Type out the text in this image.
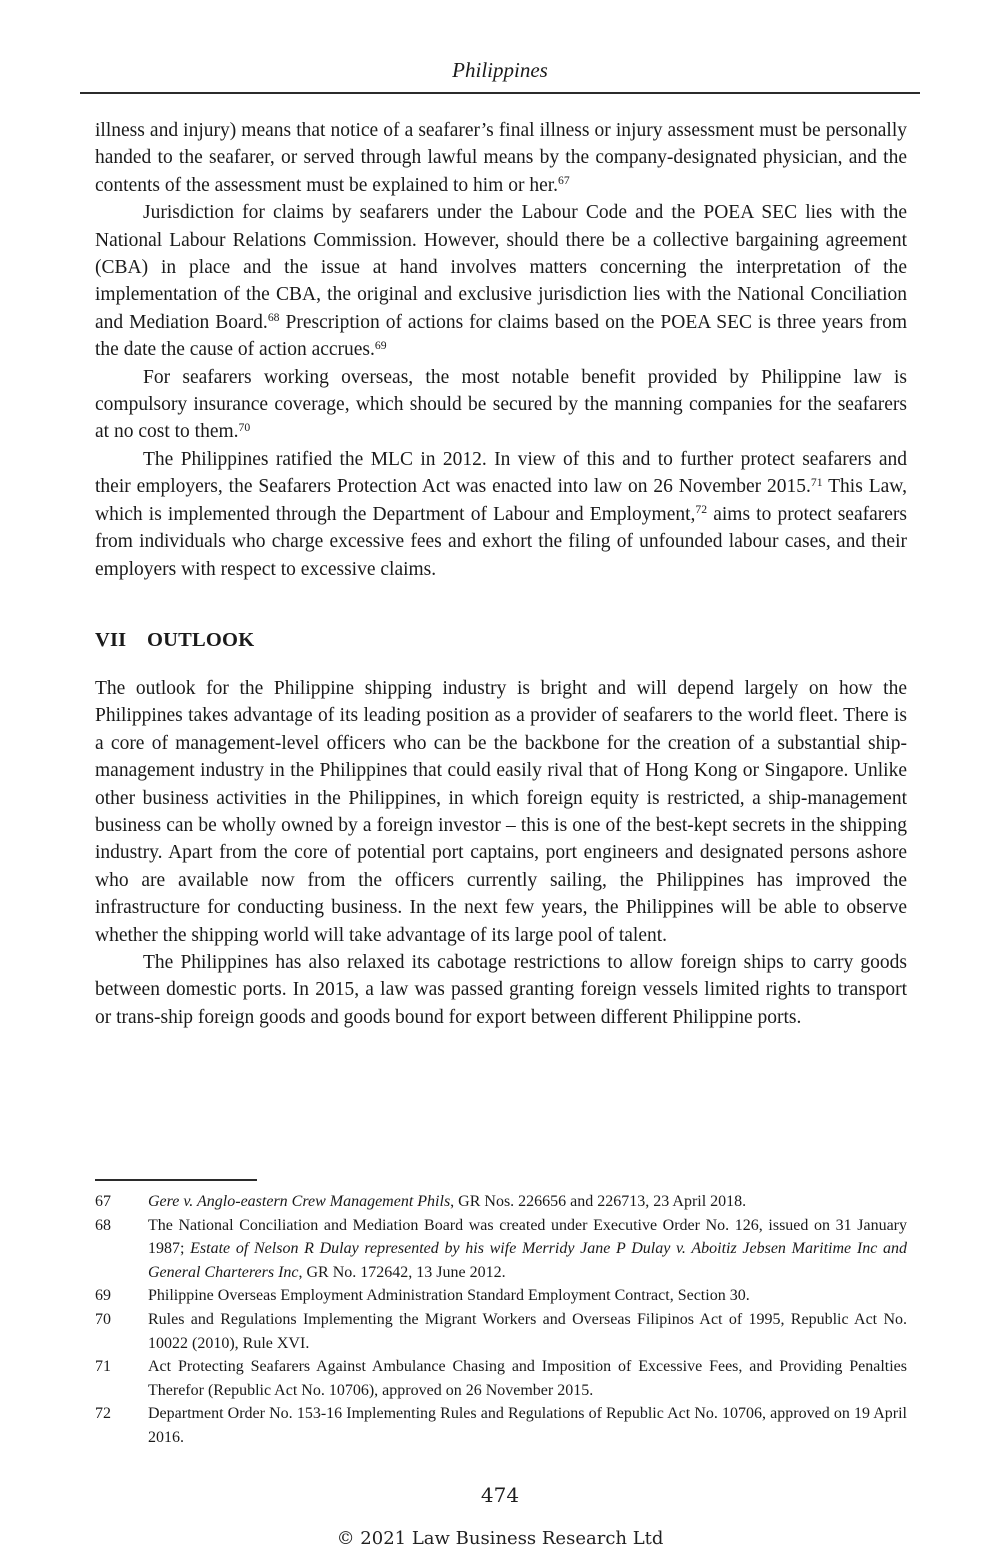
Philippines

illness and injury) means that notice of a seafarer’s final illness or injury assessment must be personally handed to the seafarer, or served through lawful means by the company-designated physician, and the contents of the assessment must be explained to him or her.$^{67}$

Jurisdiction for claims by seafarers under the Labour Code and the POEA SEC lies with the National Labour Relations Commission. However, should there be a collective bargaining agreement (CBA) in place and the issue at hand involves matters concerning the interpretation of the implementation of the CBA, the original and exclusive jurisdiction lies with the National Conciliation and Mediation Board.$^{68}$ Prescription of actions for claims based on the POEA SEC is three years from the date the cause of action accrues.$^{69}$

For seafarers working overseas, the most notable benefit provided by Philippine law is compulsory insurance coverage, which should be secured by the manning companies for the seafarers at no cost to them.$^{70}$

The Philippines ratified the MLC in 2012. In view of this and to further protect seafarers and their employers, the Seafarers Protection Act was enacted into law on 26 November 2015.71 This Law, which is implemented through the Department of Labour and Employment,$^{72}$ aims to protect seafarers from individuals who charge excessive fees and exhort the filing of unfounded labour cases, and their employers with respect to excessive claims.

VII OUTLOOK

The outlook for the Philippine shipping industry is bright and will depend largely on how the Philippines takes advantage of its leading position as a provider of seafarers to the world fleet. There is a core of management-level officers who can be the backbone for the creation of a substantial ship-management industry in the Philippines that could easily rival that of Hong Kong or Singapore. Unlike other business activities in the Philippines, in which foreign equity is restricted, a ship-management business can be wholly owned by a foreign investor – this is one of the best-kept secrets in the shipping industry. Apart from the core of potential port captains, port engineers and designated persons ashore who are available now from the officers currently sailing, the Philippines has improved the infrastructure for conducting business. In the next few years, the Philippines will be able to observe whether the shipping world will take advantage of its large pool of talent.

The Philippines has also relaxed its cabotage restrictions to allow foreign ships to carry goods between domestic ports. In 2015, a law was passed granting foreign vessels limited rights to transport or trans-ship foreign goods and goods bound for export between different Philippine ports.

67	Gere v. Anglo-eastern Crew Management Phils, GR Nos. 226656 and 226713, 23 April 2018.
68	The National Conciliation and Mediation Board was created under Executive Order No. 126, issued on 31 January 1987; Estate of Nelson R Dulay represented by his wife Merridy Jane P Dulay v. Aboitiz Jebsen Maritime Inc and General Charterers Inc, GR No. 172642, 13 June 2012.
69	Philippine Overseas Employment Administration Standard Employment Contract, Section 30.
70	Rules and Regulations Implementing the Migrant Workers and Overseas Filipinos Act of 1995, Republic Act No. 10022 (2010), Rule XVI.
71	Act Protecting Seafarers Against Ambulance Chasing and Imposition of Excessive Fees, and Providing Penalties Therefor (Republic Act No. 10706), approved on 26 November 2015.
72	Department Order No. 153-16 Implementing Rules and Regulations of Republic Act No. 10706, approved on 19 April 2016.
474
© 2021 Law Business Research Ltd
